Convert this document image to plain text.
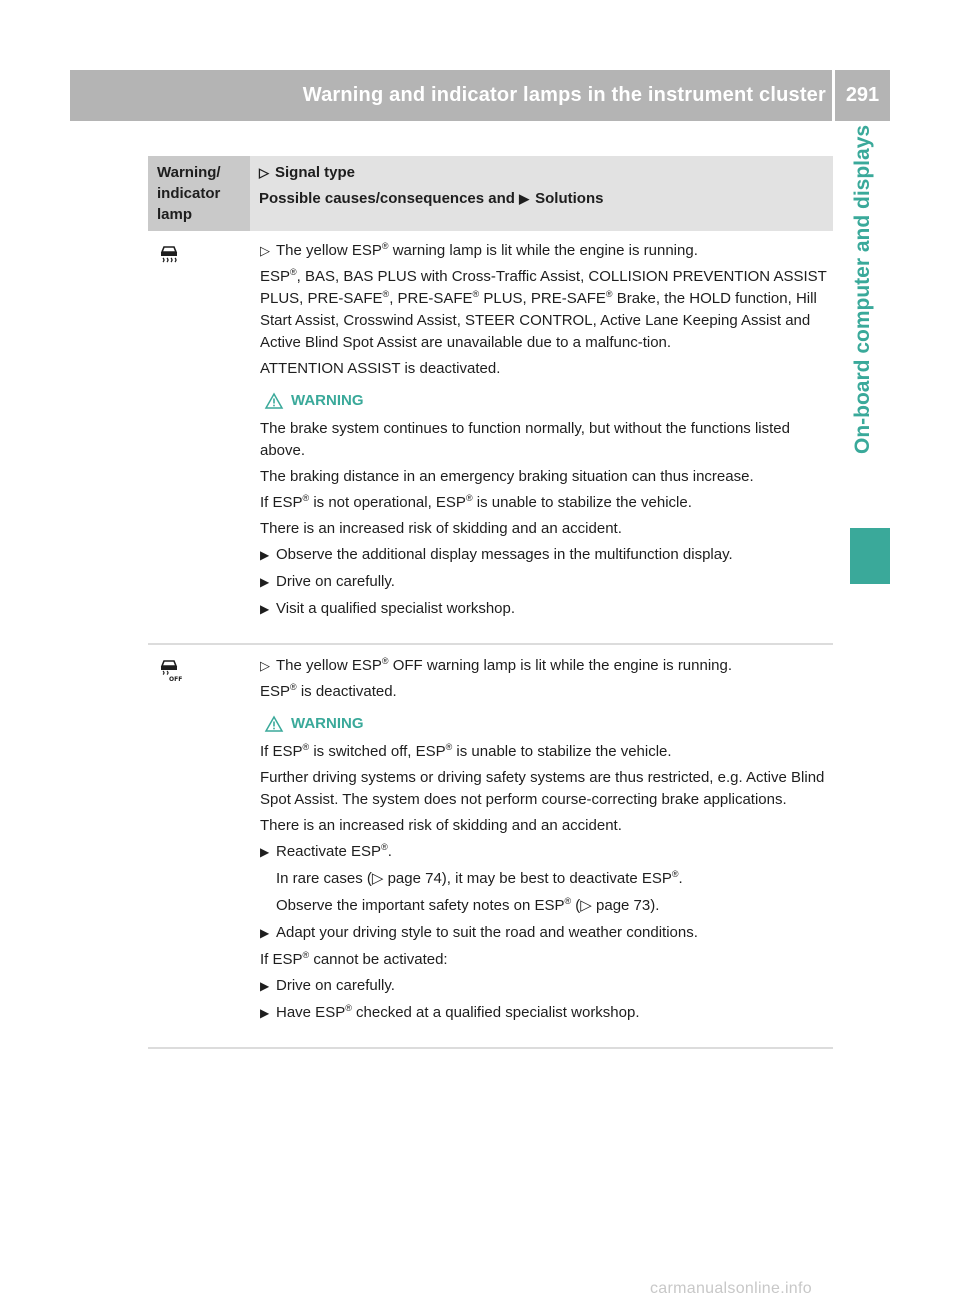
Warning and indicator lamps in the instrument cluster 291
On-board computer and displays
Warning/ indicator lamp
▷ Signal type
Possible causes/consequences and ▶ Solutions

▷ The yellow ESP® warning lamp is lit while the engine is running.

ESP®, BAS, BAS PLUS with Cross-Traffic Assist, COLLISION PREVENTION ASSIST PLUS, PRE-SAFE®, PRE-SAFE® PLUS, PRE-SAFE® Brake, the HOLD function, Hill Start Assist, Crosswind Assist, STEER CONTROL, Active Lane Keeping Assist and Active Blind Spot Assist are unavailable due to a malfunc-tion.

ATTENTION ASSIST is deactivated.

WARNING

The brake system continues to function normally, but without the functions listed above.

The braking distance in an emergency braking situation can thus increase.

If ESP® is not operational, ESP® is unable to stabilize the vehicle.

There is an increased risk of skidding and an accident.

▶ Observe the additional display messages in the multifunction display.
▶ Drive on carefully.
▶ Visit a qualified specialist workshop.
OFF

▷ The yellow ESP® OFF warning lamp is lit while the engine is running.

ESP® is deactivated.

WARNING

If ESP® is switched off, ESP® is unable to stabilize the vehicle.

Further driving systems or driving safety systems are thus restricted, e.g. Active Blind Spot Assist. The system does not perform course-correcting brake applications.

There is an increased risk of skidding and an accident.

▶ Reactivate ESP®.

In rare cases (▷ page 74), it may be best to deactivate ESP®.

Observe the important safety notes on ESP® (▷ page 73).

▶ Adapt your driving style to suit the road and weather conditions.

If ESP® cannot be activated:

▶ Drive on carefully.
▶ Have ESP® checked at a qualified specialist workshop.
carmanualsonline.info
